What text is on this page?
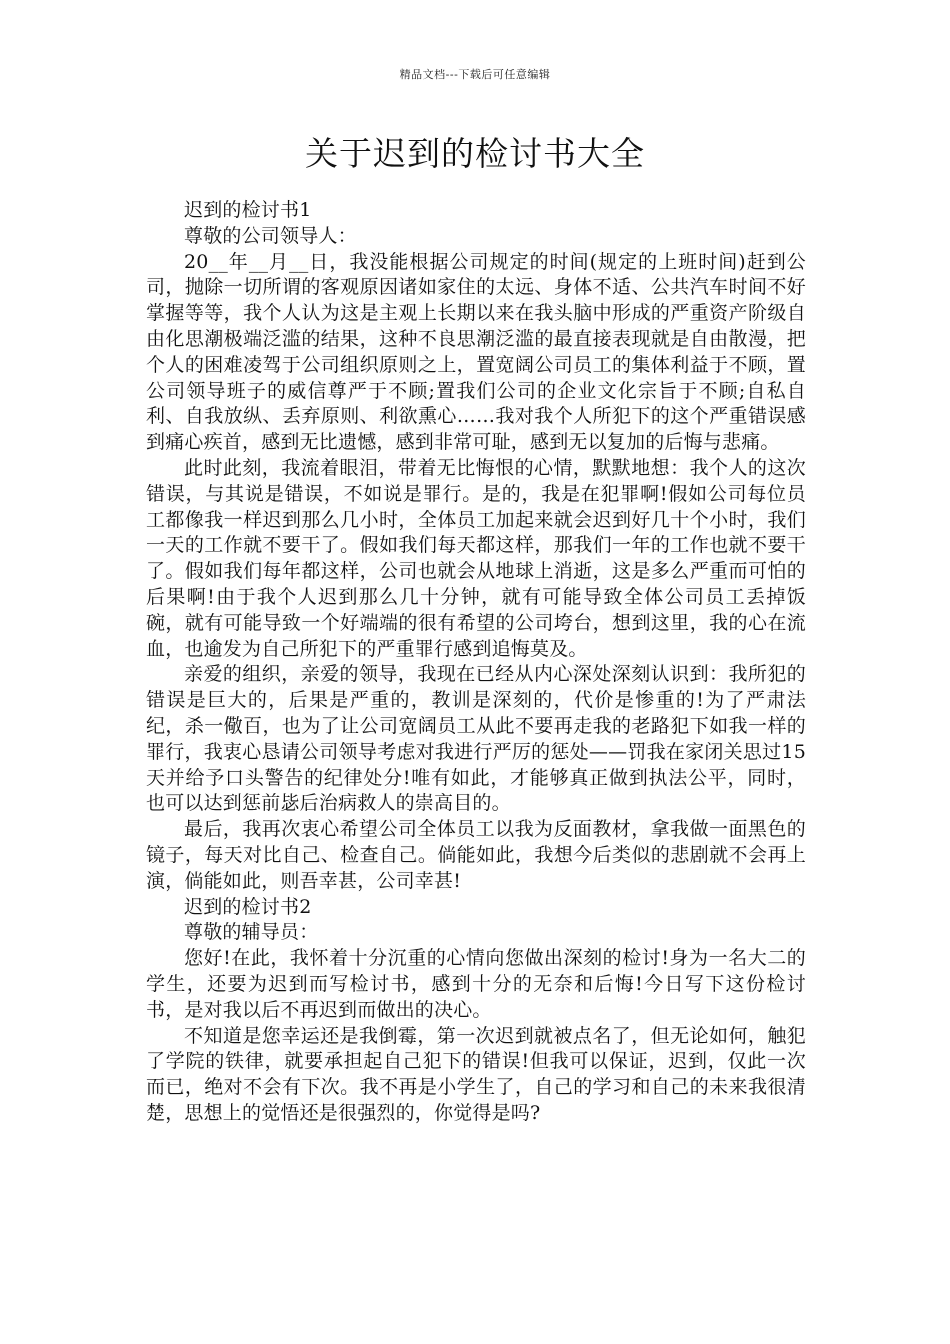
精品文档---下载后可任意编辑
关于迟到的检讨书大全

迟到的检讨书1

尊敬的公司领导人：

20__年__月__日，我没能根据公司规定的时间(规定的上班时间)赶到公司，抛除一切所谓的客观原因诸如家住的太远、身体不适、公共汽车时间不好掌握等等，我个人认为这是主观上长期以来在我头脑中形成的严重资产阶级自由化思潮极端泛滥的结果，这种不良思潮泛滥的最直接表现就是自由散漫，把个人的困难凌驾于公司组织原则之上，置宽阔公司员工的集体利益于不顾，置公司领导班子的威信尊严于不顾;置我们公司的企业文化宗旨于不顾;自私自利、自我放纵、丢弃原则、利欲熏心……我对我个人所犯下的这个严重错误感到痛心疾首，感到无比遗憾，感到非常可耻，感到无以复加的后悔与悲痛。

此时此刻，我流着眼泪，带着无比悔恨的心情，默默地想：我个人的这次错误，与其说是错误，不如说是罪行。是的，我是在犯罪啊!假如公司每位员工都像我一样迟到那么几小时，全体员工加起来就会迟到好几十个小时，我们一天的工作就不要干了。假如我们每天都这样，那我们一年的工作也就不要干了。假如我们每年都这样，公司也就会从地球上消逝，这是多么严重而可怕的后果啊!由于我个人迟到那么几十分钟，就有可能导致全体公司员工丢掉饭碗，就有可能导致一个好端端的很有希望的公司垮台，想到这里，我的心在流血，也逾发为自己所犯下的严重罪行感到追悔莫及。

亲爱的组织，亲爱的领导，我现在已经从内心深处深刻认识到：我所犯的错误是巨大的，后果是严重的，教训是深刻的，代价是惨重的!为了严肃法纪，杀一儆百，也为了让公司宽阔员工从此不要再走我的老路犯下如我一样的罪行，我衷心恳请公司领导考虑对我进行严厉的惩处——罚我在家闭关思过15天并给予口头警告的纪律处分!唯有如此，才能够真正做到执法公平，同时，也可以达到惩前毖后治病救人的崇高目的。

最后，我再次衷心希望公司全体员工以我为反面教材，拿我做一面黑色的镜子，每天对比自己、检查自己。倘能如此，我想今后类似的悲剧就不会再上演，倘能如此，则吾幸甚，公司幸甚!

迟到的检讨书2

尊敬的辅导员：

您好!在此，我怀着十分沉重的心情向您做出深刻的检讨!身为一名大二的学生，还要为迟到而写检讨书，感到十分的无奈和后悔!今日写下这份检讨书，是对我以后不再迟到而做出的决心。

不知道是您幸运还是我倒霉，第一次迟到就被点名了，但无论如何，触犯了学院的铁律，就要承担起自己犯下的错误!但我可以保证，迟到，仅此一次而已，绝对不会有下次。我不再是小学生了，自己的学习和自己的未来我很清楚，思想上的觉悟还是很强烈的，你觉得是吗?
